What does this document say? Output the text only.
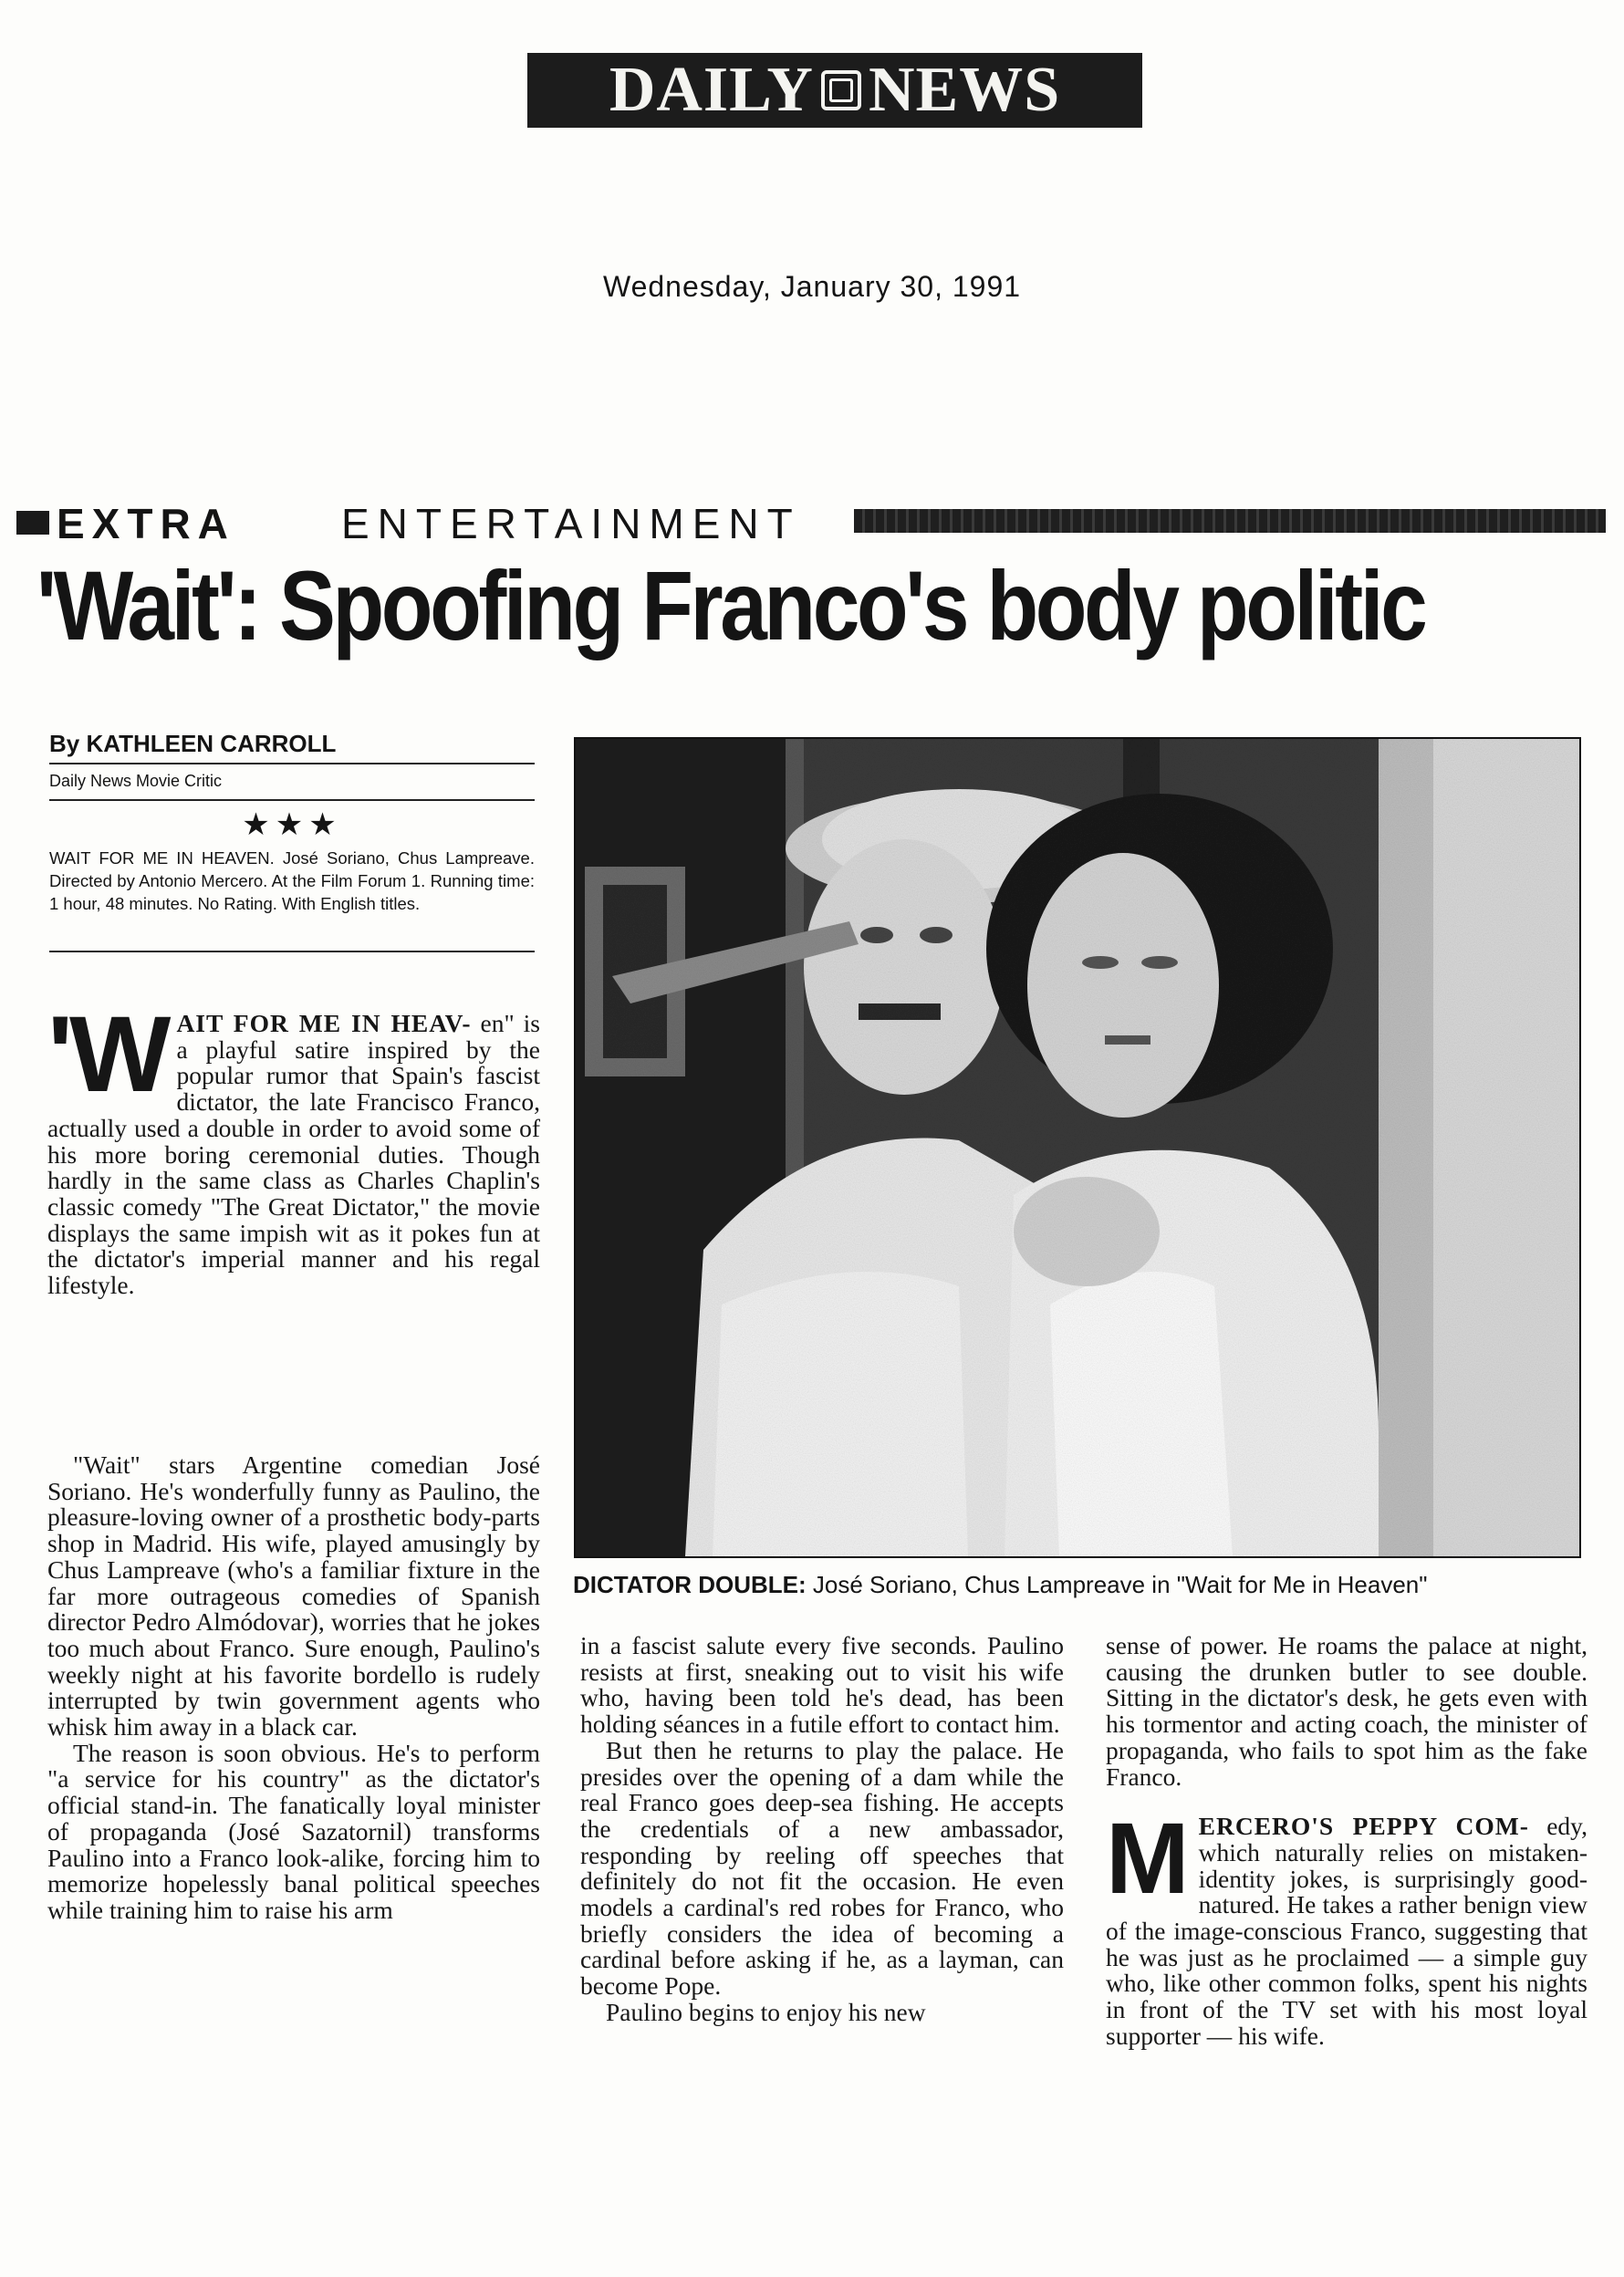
DAILY NEWS
Wednesday, January 30, 1991
EXTRA	ENTERTAINMENT
'Wait': Spoofing Franco's body politic
By KATHLEEN CARROLL
Daily News Movie Critic
★★★
WAIT FOR ME IN HEAVEN. José Soriano, Chus Lampreave. Directed by Antonio Mercero. At the Film Forum 1. Running time: 1 hour, 48 minutes. No Rating. With English titles.
DICTATOR DOUBLE: José Soriano, Chus Lampreave in "Wait for Me in Heaven"

'WAIT FOR ME IN HEAV- en" is a playful satire inspired by the popular rumor that Spain's fascist dictator, the late Francisco Franco, actually used a double in order to avoid some of his more boring ceremonial duties. Though hardly in the same class as Charles Chaplin's classic comedy "The Great Dictator," the movie displays the same impish wit as it pokes fun at the dictator's imperial manner and his regal lifestyle.

"Wait" stars Argentine comedian José Soriano. He's wonderfully funny as Paulino, the pleasure-loving owner of a prosthetic body-parts shop in Madrid. His wife, played amusingly by Chus Lampreave (who's a familiar fixture in the far more outrageous comedies of Spanish director Pedro Almódovar), worries that he jokes too much about Franco. Sure enough, Paulino's weekly night at his favorite bordello is rudely interrupted by twin government agents who whisk him away in a black car.

The reason is soon obvious. He's to perform "a service for his country" as the dictator's official stand-in. The fanatically loyal minister of propaganda (José Sazatornil) transforms Paulino into a Franco look-alike, forcing him to memorize hopelessly banal political speeches while training him to raise his arm

in a fascist salute every five seconds. Paulino resists at first, sneaking out to visit his wife who, having been told he's dead, has been holding séances in a futile effort to contact him.

But then he returns to play the palace. He presides over the opening of a dam while the real Franco goes deep-sea fishing. He accepts the credentials of a new ambassador, responding by reeling off speeches that definitely do not fit the occasion. He even models a cardinal's red robes for Franco, who briefly considers the idea of becoming a cardinal before asking if he, as a layman, can become Pope.

Paulino begins to enjoy his new

sense of power. He roams the palace at night, causing the drunken butler to see double. Sitting in the dictator's desk, he gets even with his tormentor and acting coach, the minister of propaganda, who fails to spot him as the fake Franco.

MERCERO'S PEPPY COM- edy, which naturally relies on mistaken-identity jokes, is surprisingly good-natured. He takes a rather benign view of the image-conscious Franco, suggesting that he was just as he proclaimed — a simple guy who, like other common folks, spent his nights in front of the TV set with his most loyal supporter — his wife.
